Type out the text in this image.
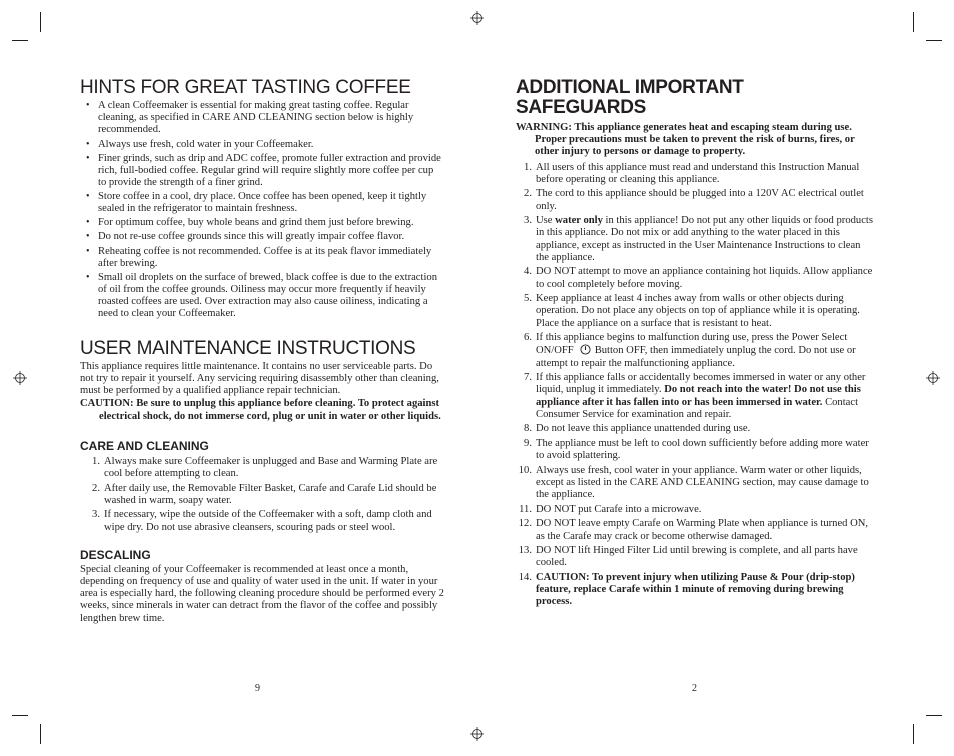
HINTS FOR GREAT TASTING COFFEE
• A clean Coffeemaker is essential for making great tasting coffee. Regular cleaning, as specified in CARE AND CLEANING section below is highly recommended.
• Always use fresh, cold water in your Coffeemaker.
• Finer grinds, such as drip and ADC coffee, promote fuller extraction and provide rich, full-bodied coffee. Regular grind will require slightly more coffee per cup to provide the strength of a finer grind.
• Store coffee in a cool, dry place. Once coffee has been opened, keep it tightly sealed in the refrigerator to maintain freshness.
• For optimum coffee, buy whole beans and grind them just before brewing.
• Do not re-use coffee grounds since this will greatly impair coffee flavor.
• Reheating coffee is not recommended. Coffee is at its peak flavor immediately after brewing.
• Small oil droplets on the surface of brewed, black coffee is due to the extraction of oil from the coffee grounds. Oiliness may occur more frequently if heavily roasted coffees are used. Over extraction may also cause oiliness, indicating a need to clean your Coffeemaker.
USER MAINTENANCE INSTRUCTIONS

This appliance requires little maintenance. It contains no user serviceable parts. Do not try to repair it yourself. Any servicing requiring disassembly other than cleaning, must be performed by a qualified appliance repair technician.

CAUTION: Be sure to unplug this appliance before cleaning. To protect against electrical shock, do not immerse cord, plug or unit in water or other liquids.

CARE AND CLEANING
1. Always make sure Coffeemaker is unplugged and Base and Warming Plate are cool before attempting to clean.
2. After daily use, the Removable Filter Basket, Carafe and Carafe Lid should be washed in warm, soapy water.
3. If necessary, wipe the outside of the Coffeemaker with a soft, damp cloth and wipe dry. Do not use abrasive cleansers, scouring pads or steel wool.
DESCALING

Special cleaning of your Coffeemaker is recommended at least once a month, depending on frequency of use and quality of water used in the unit. If water in your area is especially hard, the following cleaning procedure should be performed every 2 weeks, since minerals in water can detract from the flavor of the coffee and possibly lengthen brew time.

9
ADDITIONAL IMPORTANT SAFEGUARDS

WARNING: This appliance generates heat and escaping steam during use. Proper precautions must be taken to prevent the risk of burns, fires, or other injury to persons or damage to property.

1. All users of this appliance must read and understand this Instruction Manual before operating or cleaning this appliance.
2. The cord to this appliance should be plugged into a 120V AC electrical outlet only.
3. Use water only in this appliance! Do not put any other liquids or food products in this appliance. Do not mix or add anything to the water placed in this appliance, except as instructed in the User Maintenance Instructions to clean the appliance.
4. DO NOT attempt to move an appliance containing hot liquids. Allow appliance to cool completely before moving.
5. Keep appliance at least 4 inches away from walls or other objects during operation. Do not place any objects on top of appliance while it is operating. Place the appliance on a surface that is resistant to heat.
6. If this appliance begins to malfunction during use, press the Power Select ON/OFF Button OFF, then immediately unplug the cord. Do not use or attempt to repair the malfunctioning appliance.
7. If this appliance falls or accidentally becomes immersed in water or any other liquid, unplug it immediately. Do not reach into the water! Do not use this appliance after it has fallen into or has been immersed in water. Contact Consumer Service for examination and repair.
8. Do not leave this appliance unattended during use.
9. The appliance must be left to cool down sufficiently before adding more water to avoid splattering.
10. Always use fresh, cool water in your appliance. Warm water or other liquids, except as listed in the CARE AND CLEANING section, may cause damage to the appliance.
11. DO NOT put Carafe into a microwave.
12. DO NOT leave empty Carafe on Warming Plate when appliance is turned ON, as the Carafe may crack or become otherwise damaged.
13. DO NOT lift Hinged Filter Lid until brewing is complete, and all parts have cooled.
14. CAUTION: To prevent injury when utilizing Pause & Pour (drip-stop) feature, replace Carafe within 1 minute of removing during brewing process.
2
